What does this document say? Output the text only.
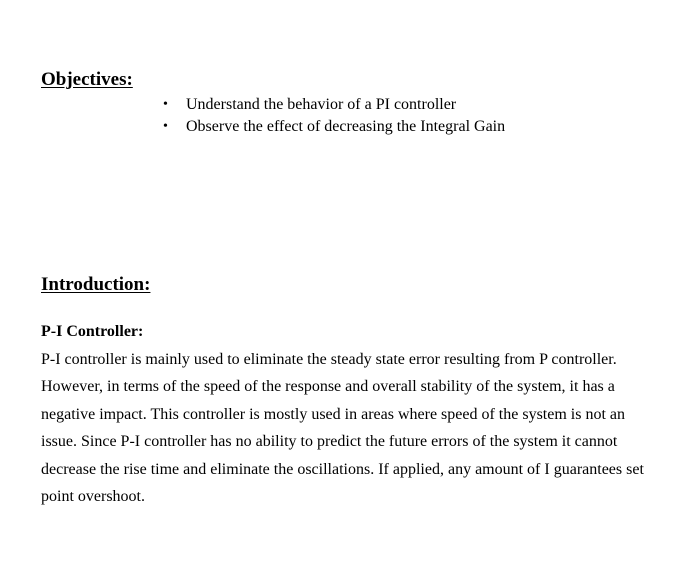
Objectives:
• Understand the behavior of a PI controller
• Observe the effect of decreasing the Integral Gain
Introduction:
P-I Controller:

P-I controller is mainly used to eliminate the steady state error resulting from P controller.
However, in terms of the speed of the response and overall stability of the system, it has a
negative impact. This controller is mostly used in areas where speed of the system is not an
issue. Since P-I controller has no ability to predict the future errors of the system it cannot
decrease the rise time and eliminate the oscillations. If applied, any amount of I guarantees set
point overshoot.
